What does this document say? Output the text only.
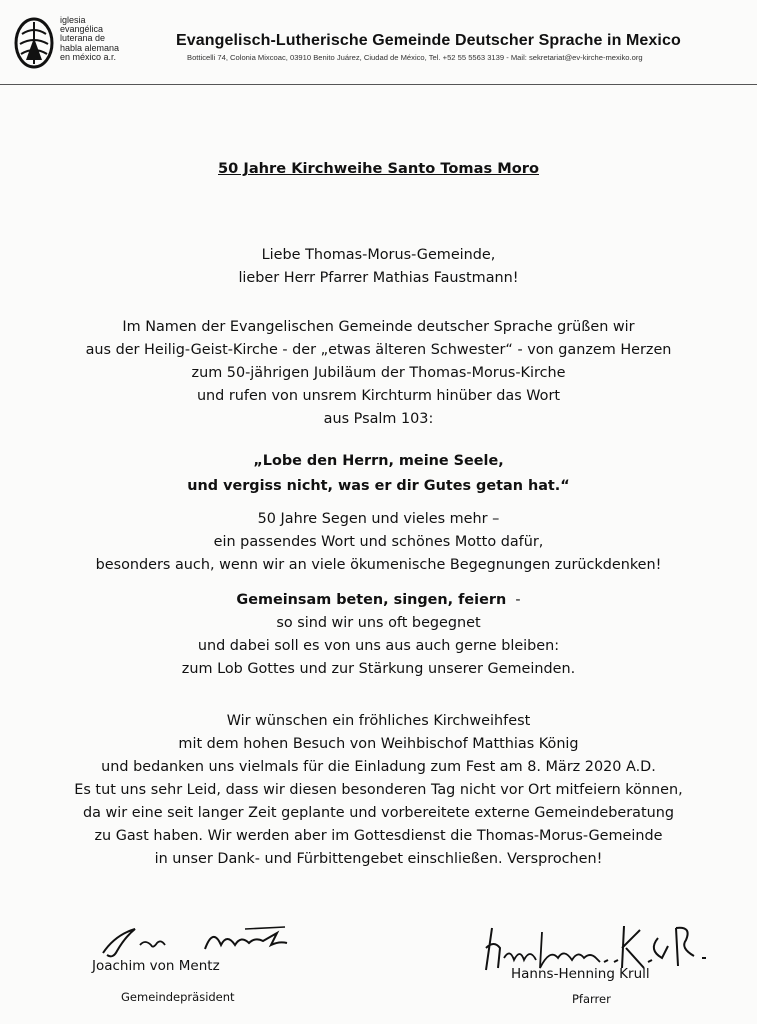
iglesia
evangélica
luterana de
habla alemana
en méxico a.r.
Evangelisch-Lutherische Gemeinde Deutscher Sprache in Mexico
Botticelli 74, Colonia Mixcoac, 03910 Benito Juárez, Ciudad de México, Tel. +52 55 5563 3139 - Mail: sekretariat@ev-kirche-mexiko.org
50 Jahre Kirchweihe Santo Tomas Moro
Liebe Thomas-Morus-Gemeinde,
lieber Herr Pfarrer Mathias Faustmann!
Im Namen der Evangelischen Gemeinde deutscher Sprache grüßen wir
aus der Heilig-Geist-Kirche - der „etwas älteren Schwester“ - von ganzem Herzen
zum 50-jährigen Jubiläum der Thomas-Morus-Kirche
und rufen von unsrem Kirchturm hinüber das Wort
aus Psalm 103:
„Lobe den Herrn, meine Seele,
und vergiss nicht, was er dir Gutes getan hat.“
50 Jahre Segen und vieles mehr –
ein passendes Wort und schönes Motto dafür,
besonders auch, wenn wir an viele ökumenische Begegnungen zurückdenken!
Gemeinsam beten, singen, feiern  -
so sind wir uns oft begegnet
und dabei soll es von uns aus auch gerne bleiben:
zum Lob Gottes und zur Stärkung unserer Gemeinden.
Wir wünschen ein fröhliches Kirchweihfest
mit dem hohen Besuch von Weihbischof Matthias König
und bedanken uns vielmals für die Einladung zum Fest am 8. März 2020 A.D.
Es tut uns sehr Leid, dass wir diesen besonderen Tag nicht vor Ort mitfeiern können,
da wir eine seit langer Zeit geplante und vorbereitete externe Gemeindeberatung
zu Gast haben. Wir werden aber im Gottesdienst die Thomas-Morus-Gemeinde
in unser Dank- und Fürbittengebet einschließen. Versprochen!
Joachim von Mentz
Gemeindepräsident
Hanns-Henning Krull
Pfarrer
